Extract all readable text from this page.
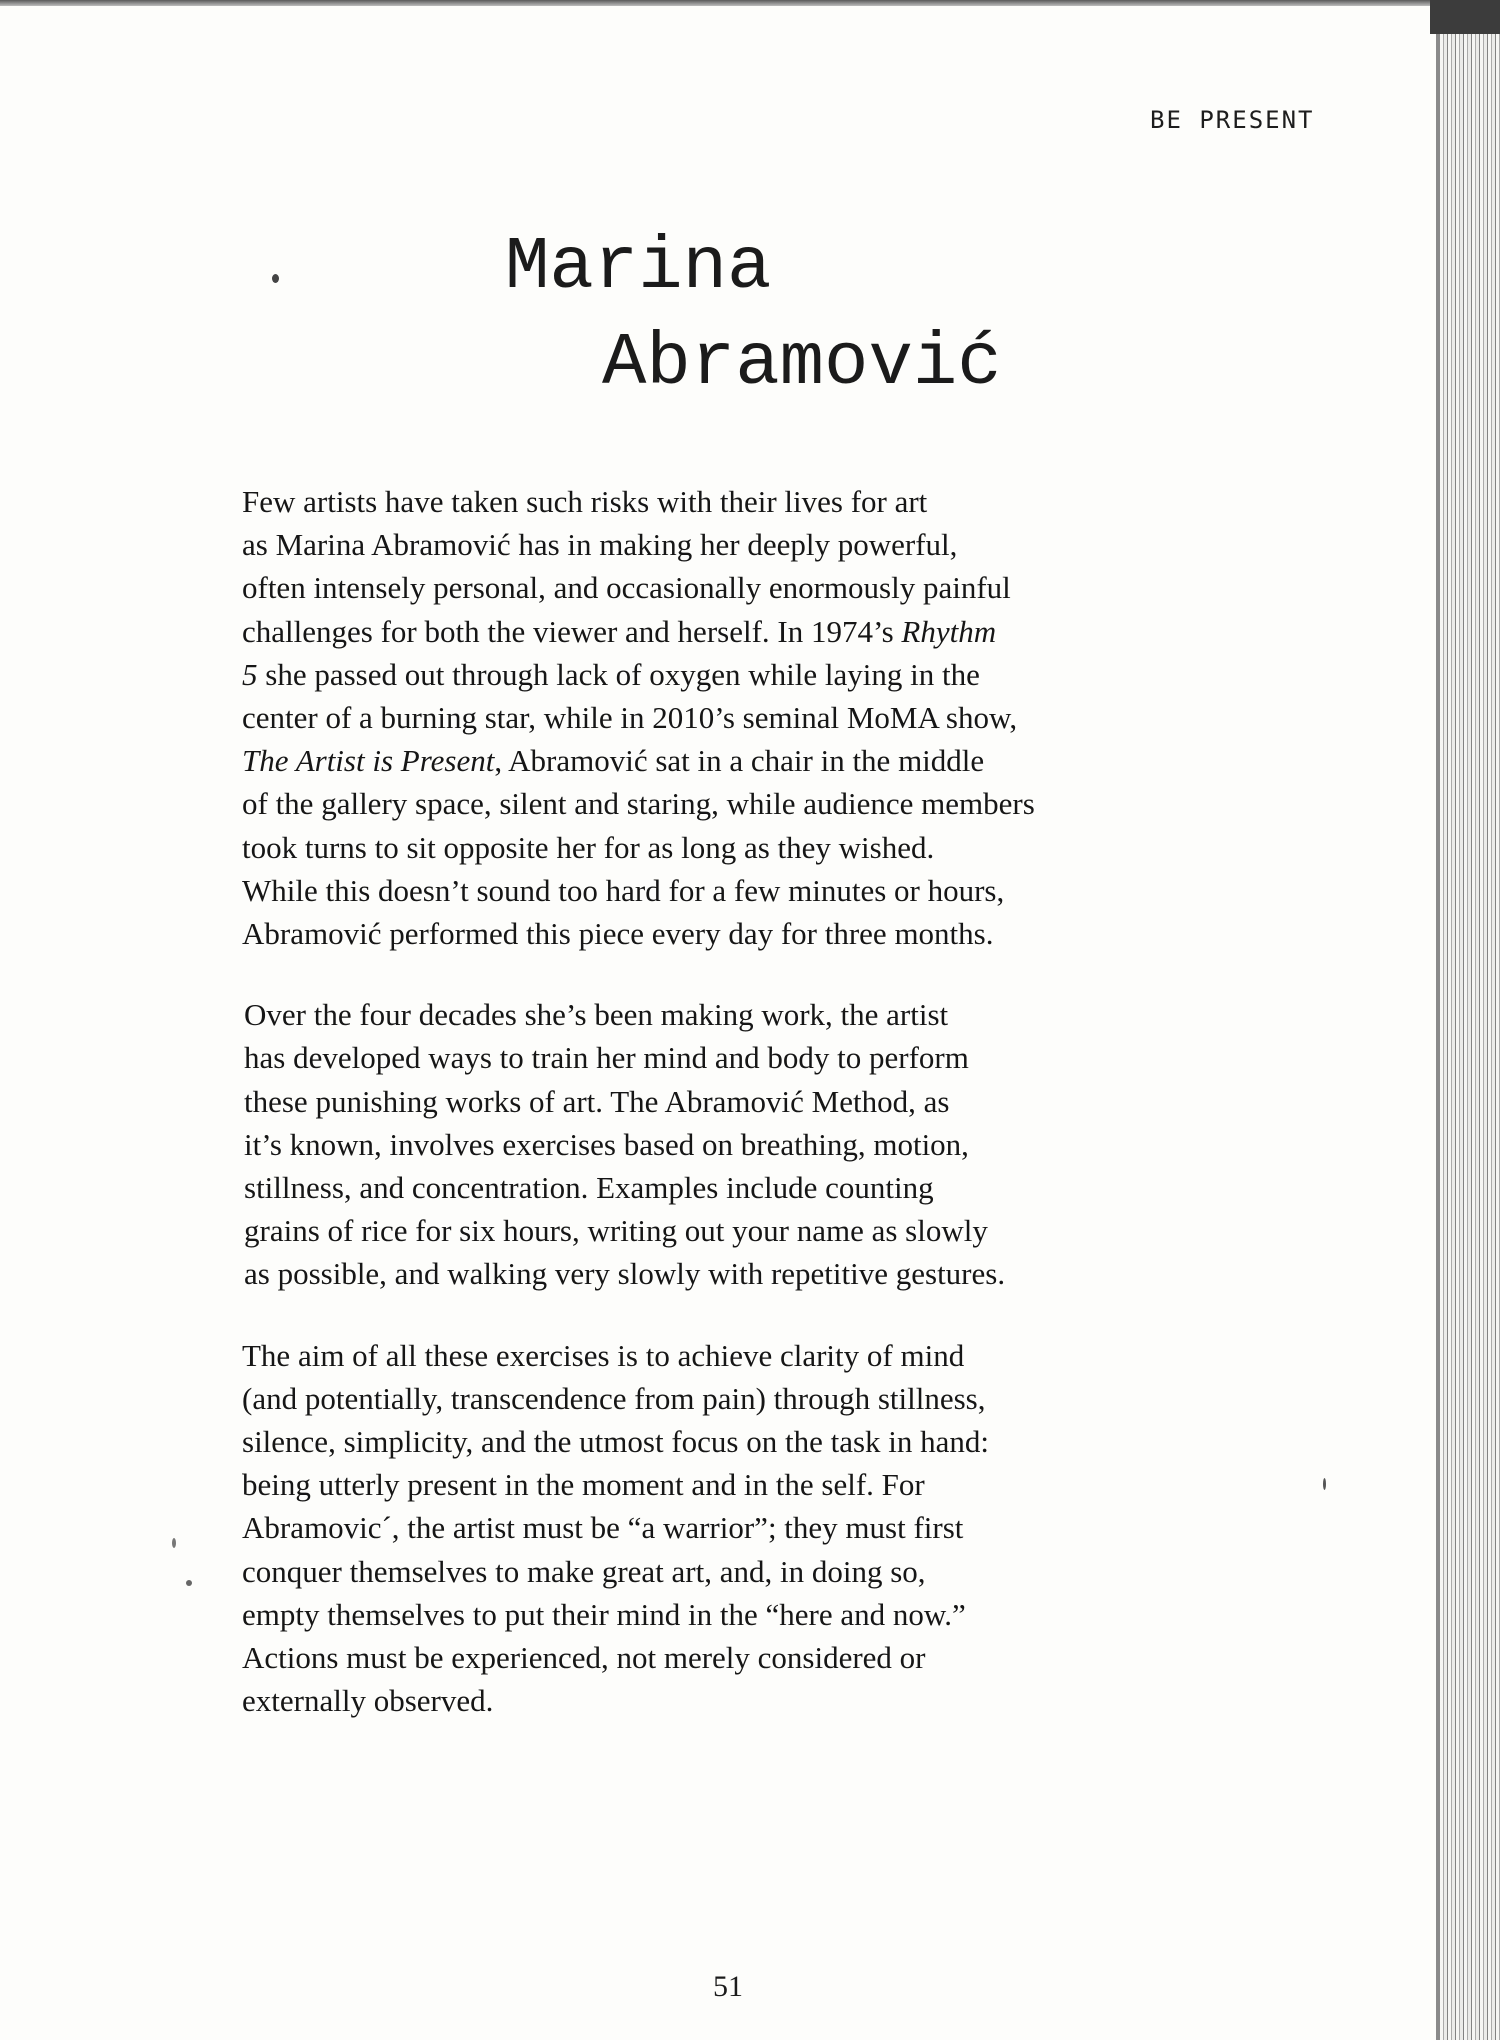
BE PRESENT
Marina
Abramović

Few artists have taken such risks with their lives for art
as Marina Abramović has in making her deeply powerful,
often intensely personal, and occasionally enormously painful
challenges for both the viewer and herself. In 1974’s Rhythm
5 she passed out through lack of oxygen while laying in the
center of a burning star, while in 2010’s seminal MoMA show,
The Artist is Present, Abramović sat in a chair in the middle
of the gallery space, silent and staring, while audience members
took turns to sit opposite her for as long as they wished.
While this doesn’t sound too hard for a few minutes or hours,
Abramović performed this piece every day for three months.

Over the four decades she’s been making work, the artist
has developed ways to train her mind and body to perform
these punishing works of art. The Abramović Method, as
it’s known, involves exercises based on breathing, motion,
stillness, and concentration. Examples include counting
grains of rice for six hours, writing out your name as slowly
as possible, and walking very slowly with repetitive gestures.

The aim of all these exercises is to achieve clarity of mind
(and potentially, transcendence from pain) through stillness,
silence, simplicity, and the utmost focus on the task in hand:
being utterly present in the moment and in the self. For
Abramovic´, the artist must be “a warrior”; they must first
conquer themselves to make great art, and, in doing so,
empty themselves to put their mind in the “here and now.”
Actions must be experienced, not merely considered or
externally observed.

51
